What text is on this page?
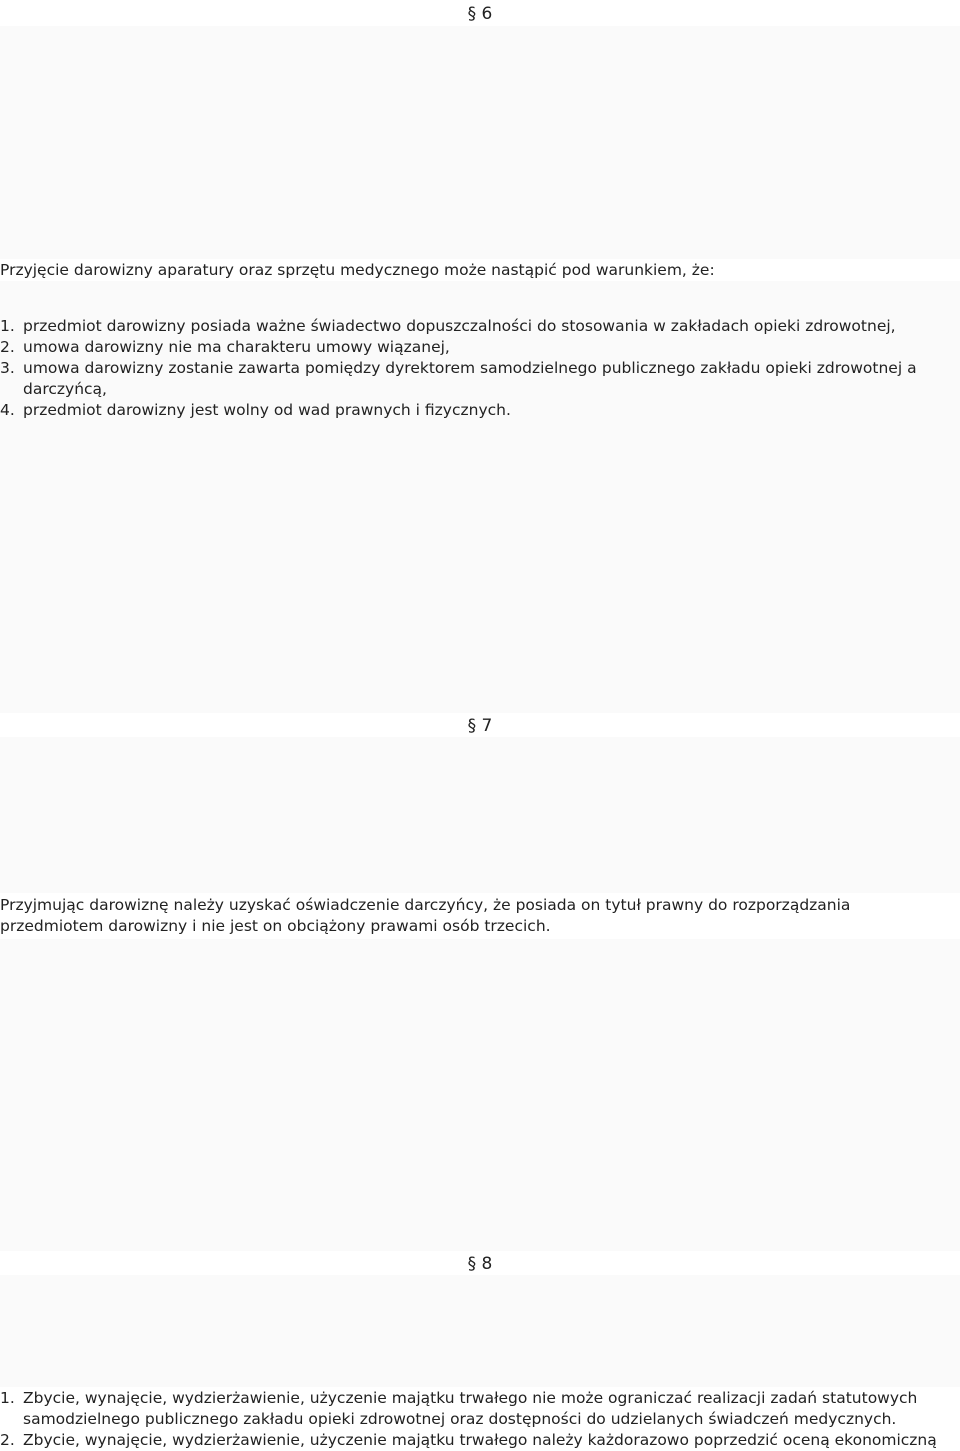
§ 6

Przyjęcie darowizny aparatury oraz sprzętu medycznego może nastąpić pod warunkiem, że:

1. przedmiot darowizny posiada ważne świadectwo dopuszczalności do stosowania w zakładach opieki zdrowotnej,
2. umowa darowizny nie ma charakteru umowy wiązanej,
3. umowa darowizny zostanie zawarta pomiędzy dyrektorem samodzielnego publicznego zakładu opieki zdrowotnej a darczyńcą,
4. przedmiot darowizny jest wolny od wad prawnych i fizycznych.
§ 7

Przyjmując darowiznę należy uzyskać oświadczenie darczyńcy, że posiada on tytuł prawny do rozporządzania przedmiotem darowizny i nie jest on obciążony prawami osób trzecich.

§ 8
1. Zbycie, wynajęcie, wydzierżawienie, użyczenie majątku trwałego nie może ograniczać realizacji zadań statutowych samodzielnego publicznego zakładu opieki zdrowotnej oraz dostępności do udzielanych świadczeń medycznych.
2. Zbycie, wynajęcie, wydzierżawienie, użyczenie majątku trwałego należy każdorazowo poprzedzić oceną ekonomiczną
